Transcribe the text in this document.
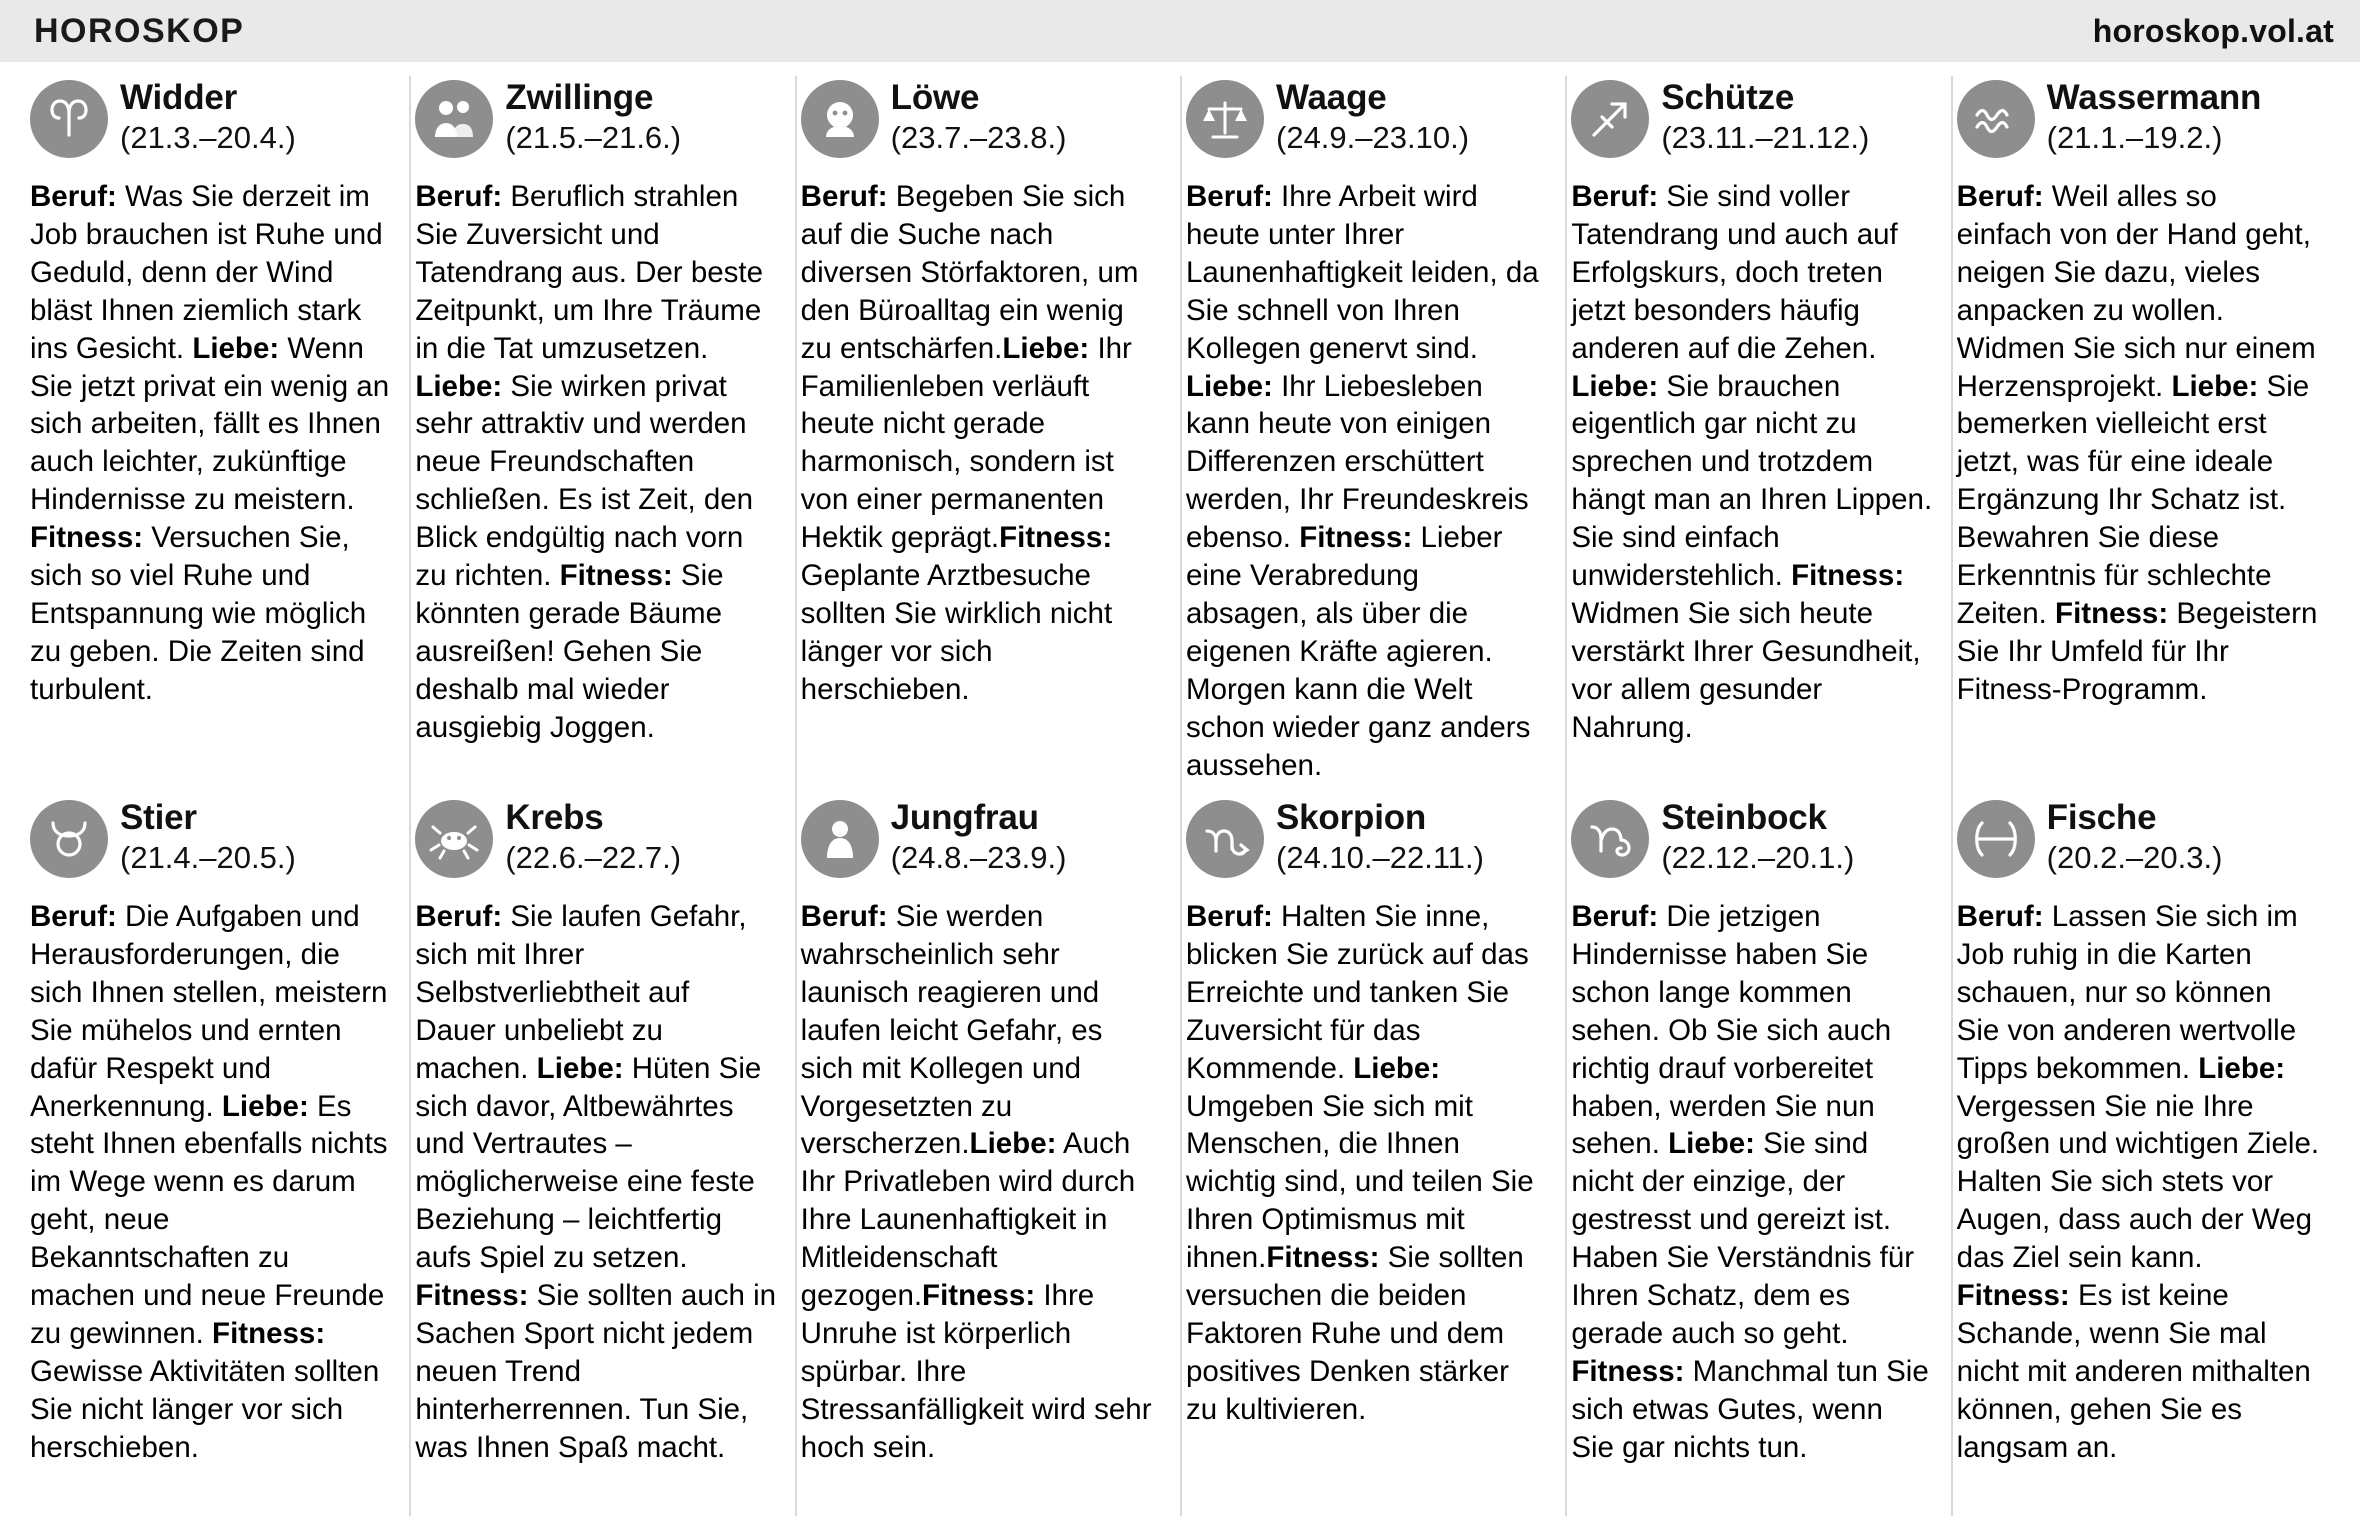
HOROSKOP	horoskop.vol.at
Widder
(21.3.–20.4.)
Beruf: Was Sie derzeit im Job brauchen ist Ruhe und Geduld, denn der Wind bläst Ihnen ziemlich stark ins Gesicht. Liebe: Wenn Sie jetzt privat ein wenig an sich arbeiten, fällt es Ihnen auch leichter, zukünftige Hindernisse zu meistern. Fitness: Versuchen Sie, sich so viel Ruhe und Entspannung wie möglich zu geben. Die Zeiten sind turbulent.
Zwillinge
(21.5.–21.6.)
Beruf: Beruflich strahlen Sie Zuversicht und Tatendrang aus. Der beste Zeitpunkt, um Ihre Träume in die Tat umzusetzen. Liebe: Sie wirken privat sehr attraktiv und werden neue Freundschaften schließen. Es ist Zeit, den Blick endgültig nach vorn zu richten. Fitness: Sie könnten gerade Bäume ausreißen! Gehen Sie deshalb mal wieder ausgiebig Joggen.
Löwe
(23.7.–23.8.)
Beruf: Begeben Sie sich auf die Suche nach diversen Störfaktoren, um den Büroalltag ein wenig zu entschärfen.Liebe: Ihr Familienleben verläuft heute nicht gerade harmonisch, sondern ist von einer permanenten Hektik geprägt.Fitness: Geplante Arztbesuche sollten Sie wirklich nicht länger vor sich herschieben.
Waage
(24.9.–23.10.)
Beruf: Ihre Arbeit wird heute unter Ihrer Launenhaftigkeit leiden, da Sie schnell von Ihren Kollegen genervt sind. Liebe: Ihr Liebesleben kann heute von einigen Differenzen erschüttert werden, Ihr Freundeskreis ebenso. Fitness: Lieber eine Verabredung absagen, als über die eigenen Kräfte agieren. Morgen kann die Welt schon wieder ganz anders aussehen.
Schütze
(23.11.–21.12.)
Beruf: Sie sind voller Tatendrang und auch auf Erfolgskurs, doch treten jetzt besonders häufig anderen auf die Zehen. Liebe: Sie brauchen eigentlich gar nicht zu sprechen und trotzdem hängt man an Ihren Lippen. Sie sind einfach unwiderstehlich. Fitness: Widmen Sie sich heute verstärkt Ihrer Gesundheit, vor allem gesunder Nahrung.
Wassermann
(21.1.–19.2.)
Beruf: Weil alles so einfach von der Hand geht, neigen Sie dazu, vieles anpacken zu wollen. Widmen Sie sich nur einem Herzensprojekt. Liebe: Sie bemerken vielleicht erst jetzt, was für eine ideale Ergänzung Ihr Schatz ist. Bewahren Sie diese Erkenntnis für schlechte Zeiten. Fitness: Begeistern Sie Ihr Umfeld für Ihr Fitness-Programm.
Stier
(21.4.–20.5.)
Beruf: Die Aufgaben und Herausforderungen, die sich Ihnen stellen, meistern Sie mühelos und ernten dafür Respekt und Anerkennung. Liebe: Es steht Ihnen ebenfalls nichts im Wege wenn es darum geht, neue Bekanntschaften zu machen und neue Freunde zu gewinnen. Fitness: Gewisse Aktivitäten sollten Sie nicht länger vor sich herschieben.
Krebs
(22.6.–22.7.)
Beruf: Sie laufen Gefahr, sich mit Ihrer Selbstverliebtheit auf Dauer unbeliebt zu machen. Liebe: Hüten Sie sich davor, Altbewährtes und Vertrautes – möglicherweise eine feste Beziehung – leichtfertig aufs Spiel zu setzen. Fitness: Sie sollten auch in Sachen Sport nicht jedem neuen Trend hinterherrennen. Tun Sie, was Ihnen Spaß macht.
Jungfrau
(24.8.–23.9.)
Beruf: Sie werden wahrscheinlich sehr launisch reagieren und laufen leicht Gefahr, es sich mit Kollegen und Vorgesetzten zu verscherzen.Liebe: Auch Ihr Privatleben wird durch Ihre Launenhaftigkeit in Mitleidenschaft gezogen.Fitness: Ihre Unruhe ist körperlich spürbar. Ihre Stressanfälligkeit wird sehr hoch sein.
Skorpion
(24.10.–22.11.)
Beruf: Halten Sie inne, blicken Sie zurück auf das Erreichte und tanken Sie Zuversicht für das Kommende. Liebe: Umgeben Sie sich mit Menschen, die Ihnen wichtig sind, und teilen Sie Ihren Optimismus mit ihnen.Fitness: Sie sollten versuchen die beiden Faktoren Ruhe und dem positives Denken stärker zu kultivieren.
Steinbock
(22.12.–20.1.)
Beruf: Die jetzigen Hindernisse haben Sie schon lange kommen sehen. Ob Sie sich auch richtig drauf vorbereitet haben, werden Sie nun sehen. Liebe: Sie sind nicht der einzige, der gestresst und gereizt ist. Haben Sie Verständnis für Ihren Schatz, dem es gerade auch so geht. Fitness: Manchmal tun Sie sich etwas Gutes, wenn Sie gar nichts tun.
Fische
(20.2.–20.3.)
Beruf: Lassen Sie sich im Job ruhig in die Karten schauen, nur so können Sie von anderen wertvolle Tipps bekommen. Liebe: Vergessen Sie nie Ihre großen und wichtigen Ziele. Halten Sie sich stets vor Augen, dass auch der Weg das Ziel sein kann. Fitness: Es ist keine Schande, wenn Sie mal nicht mit anderen mithalten können, gehen Sie es langsam an.
